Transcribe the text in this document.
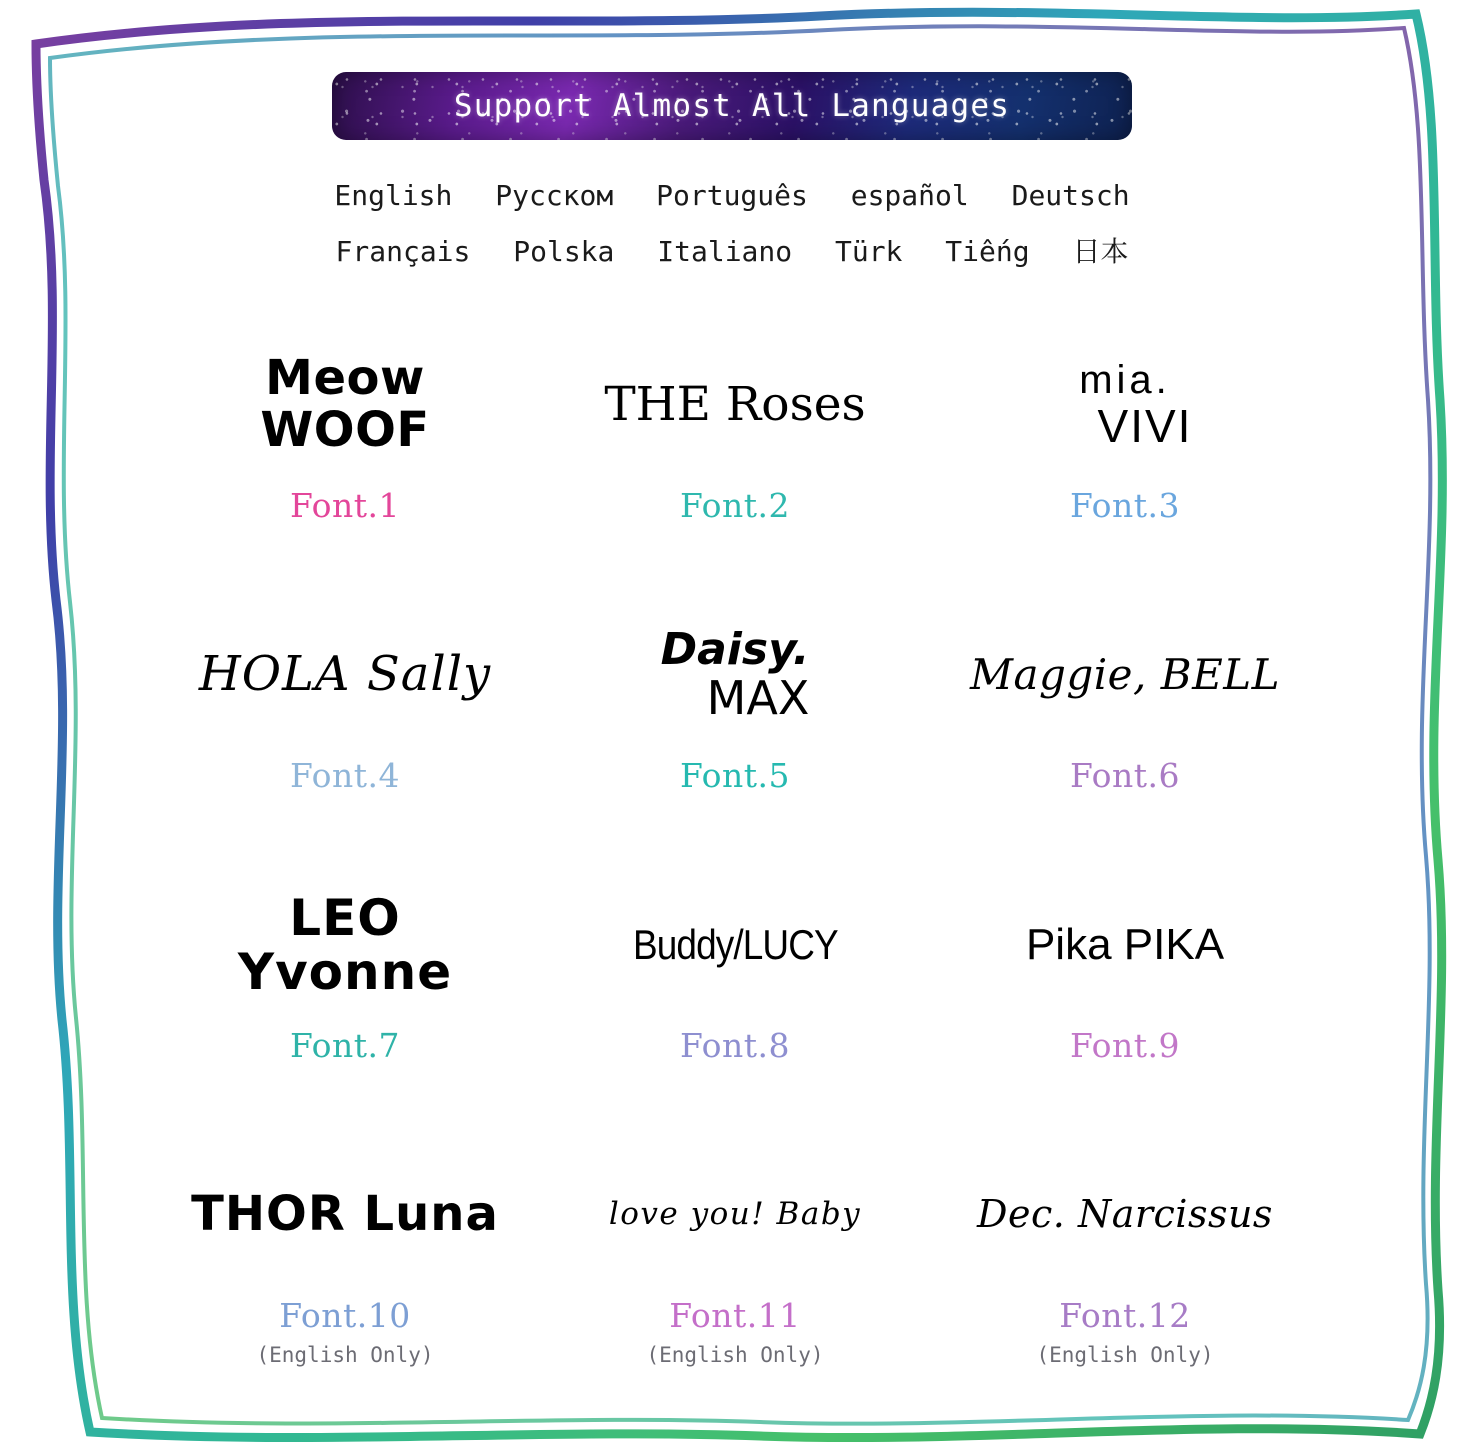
Support Almost All Languages
English Русском Português español Deutsch
Français Polska Italiano Türk Tiếng 日本
Meow
WOOF
Font.1
THE Roses
Font.2
mia.
VIVI
Font.3
HOLA Sally
Font.4
Daisy.
MAX
Font.5
Maggie, BELL
Font.6
LEO
Yvonne
Font.7
Buddy/LUCY
Font.8
Pika PIKA
Font.9
THOR Luna
Font.10
(English Only)
love you! Baby
Font.11
(English Only)
Dec. Narcissus
Font.12
(English Only)
